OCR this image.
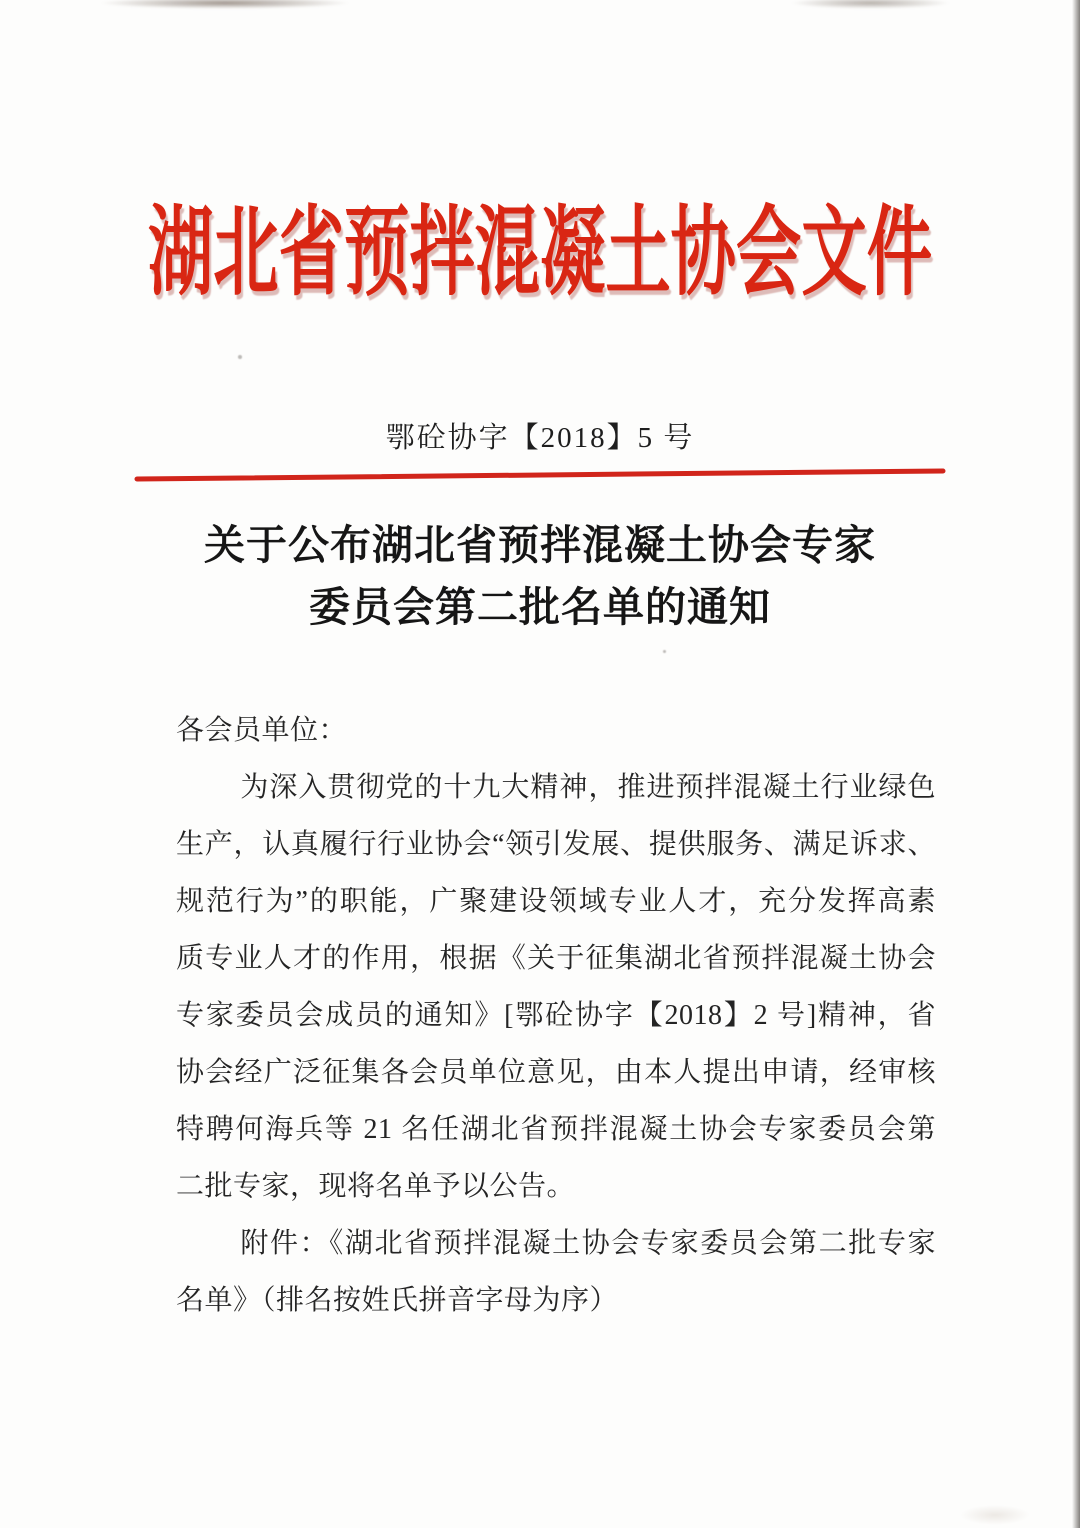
湖北省预拌混凝土协会文件
鄂砼协字【2018】5 号
关于公布湖北省预拌混凝土协会专家
委员会第二批名单的通知
各会员单位：
为深入贯彻党的十九大精神，推进预拌混凝土行业绿色
生产，认真履行行业协会“领引发展、提供服务、满足诉求、
规范行为”的职能，广聚建设领域专业人才，充分发挥高素
质专业人才的作用，根据《关于征集湖北省预拌混凝土协会
专家委员会成员的通知》[鄂砼协字【2018】2 号]精神，省
协会经广泛征集各会员单位意见，由本人提出申请，经审核
特聘何海兵等 21 名任湖北省预拌混凝土协会专家委员会第
二批专家，现将名单予以公告。
附件：《湖北省预拌混凝土协会专家委员会第二批专家
名单》（排名按姓氏拼音字母为序）
